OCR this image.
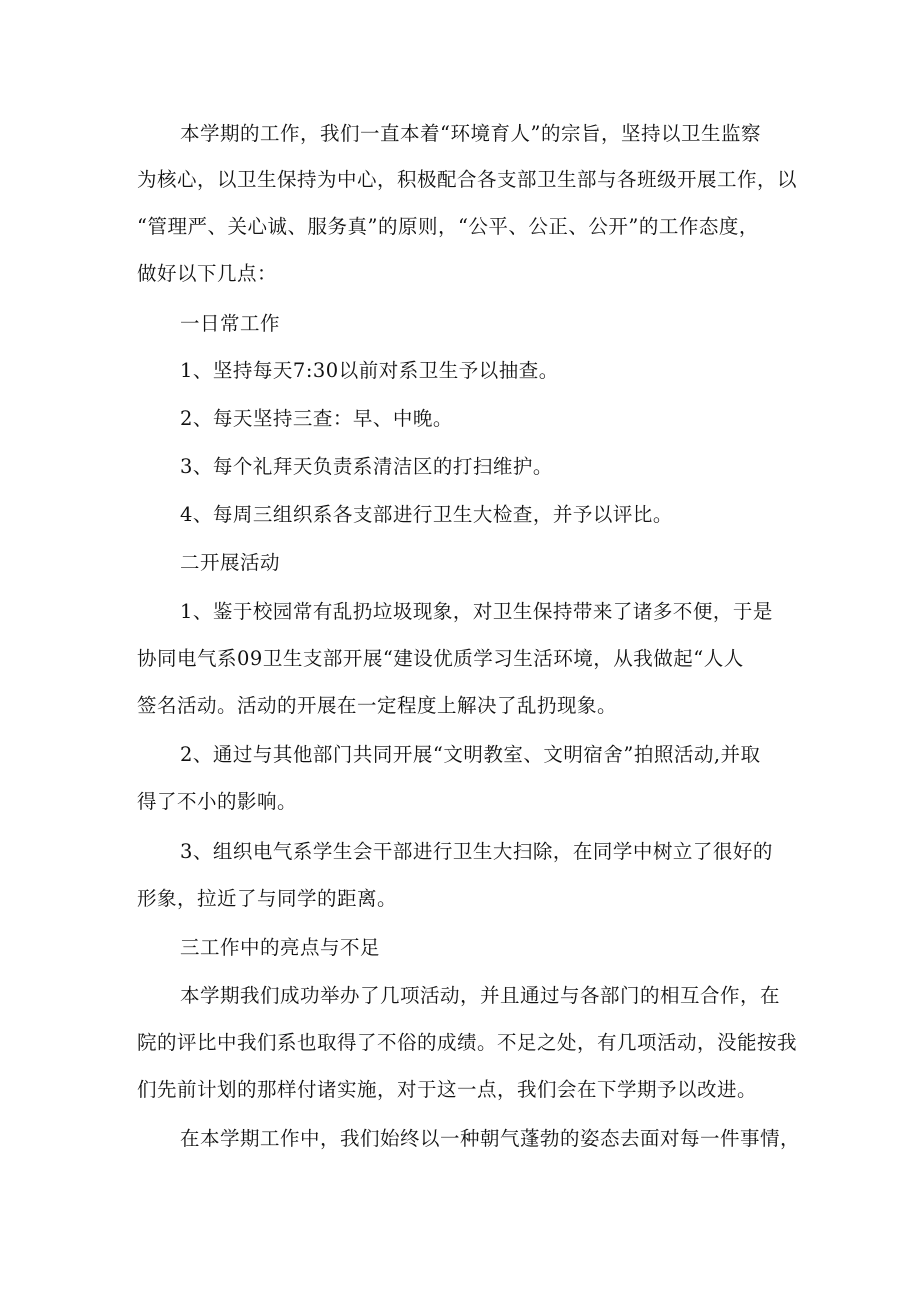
本学期的工作，我们一直本着“环境育人”的宗旨，坚持以卫生监察
为核心，以卫生保持为中心，积极配合各支部卫生部与各班级开展工作，以
“管理严、关心诚、服务真”的原则，“公平、公正、公开”的工作态度，
做好以下几点：
一日常工作
1、坚持每天7:30以前对系卫生予以抽查。
2、每天坚持三查：早、中晚。
3、每个礼拜天负责系清洁区的打扫维护。
4、每周三组织系各支部进行卫生大检查，并予以评比。
二开展活动
1、鉴于校园常有乱扔垃圾现象，对卫生保持带来了诸多不便，于是
协同电气系09卫生支部开展“建设优质学习生活环境，从我做起“人人
签名活动。活动的开展在一定程度上解决了乱扔现象。
2、通过与其他部门共同开展“文明教室、文明宿舍”拍照活动,并取
得了不小的影响。
3、组织电气系学生会干部进行卫生大扫除，在同学中树立了很好的
形象，拉近了与同学的距离。
三工作中的亮点与不足
本学期我们成功举办了几项活动，并且通过与各部门的相互合作，在
院的评比中我们系也取得了不俗的成绩。不足之处，有几项活动，没能按我
们先前计划的那样付诸实施，对于这一点，我们会在下学期予以改进。
在本学期工作中，我们始终以一种朝气蓬勃的姿态去面对每一件事情，
